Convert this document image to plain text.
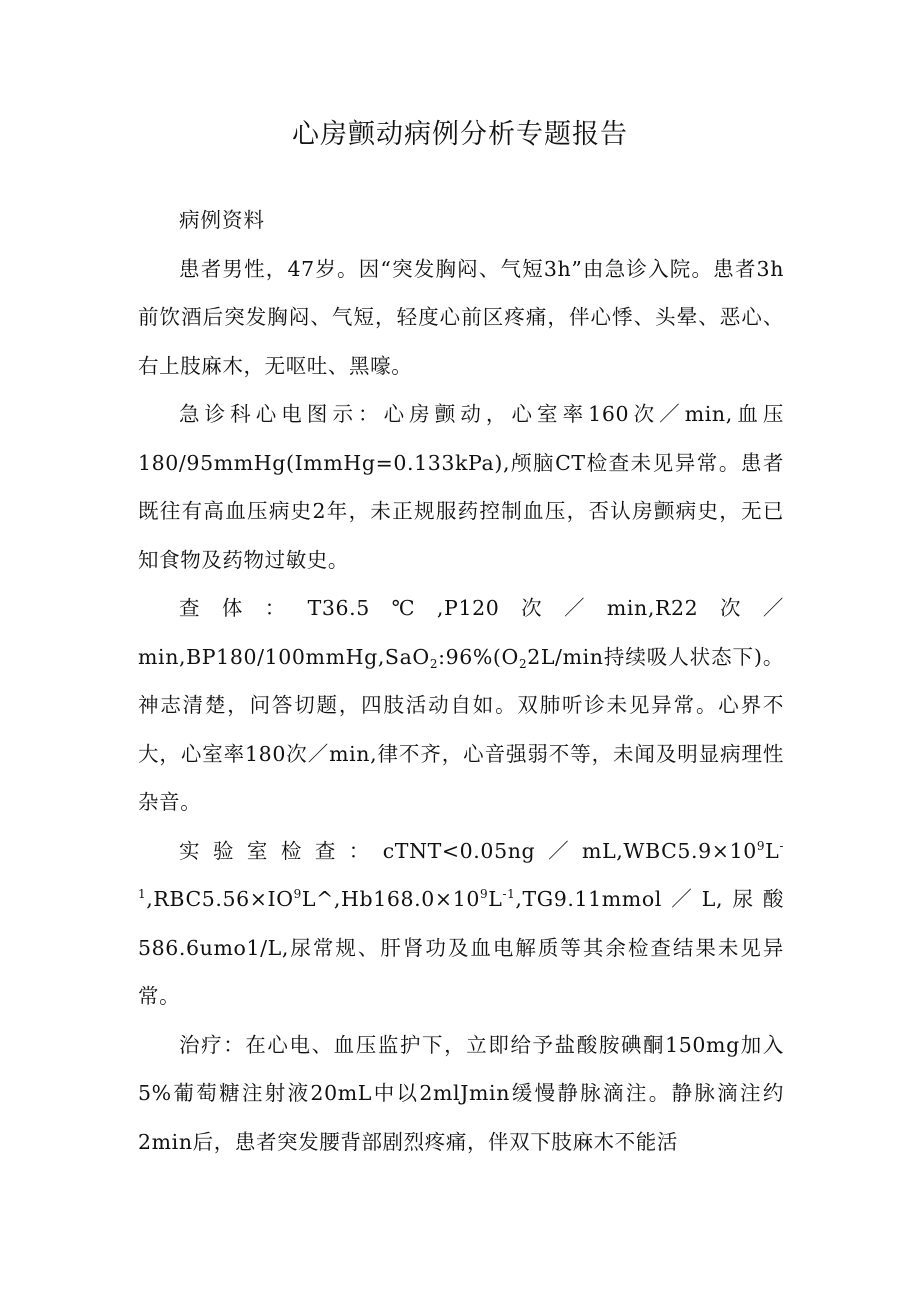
心房颤动病例分析专题报告

病例资料

患者男性，47岁。因“突发胸闷、气短3h”由急诊入院。患者3h前饮酒后突发胸闷、气短，轻度心前区疼痛，伴心悸、头晕、恶心、右上肢麻木，无呕吐、黑嚎。

急诊科心电图示：心房颤动，心室率160次／min,血压180/95mmHg(ImmHg=0.133kPa),颅脑CT检查未见异常。患者既往有高血压病史2年，未正规服药控制血压，否认房颤病史，无已知食物及药物过敏史。

查体：T36.5℃,P120次／min,R22次$/\min,BP180/100mmHg,SaO_2:96\%(O_22L/\min$持续吸人状态下)。神志清楚，问答切题，四肢活动自如。双肺听诊未见异常。心界不大，心室率180次／min,律不齐，心音强弱不等，未闻及明显病理性杂音。

实验室检查：$cTNT<0.05ng/mL,WBC5.9\times 10^9L^{-1},RBC5.56\times IO^9L\^{},Hb168.0\times 10^9L^{-1},TG9.11mmol/L$,尿酸586.6umo1/L,尿常规、肝肾功及血电解质等其余检查结果未见异常。

治疗：在心电、血压监护下，立即给予盐酸胺碘酮150mg加入5%葡萄糖注射液20mL中以2mlJmin缓慢静脉滴注。静脉滴注约2min后，患者突发腰背部剧烈疼痛，伴双下肢麻木不能活
